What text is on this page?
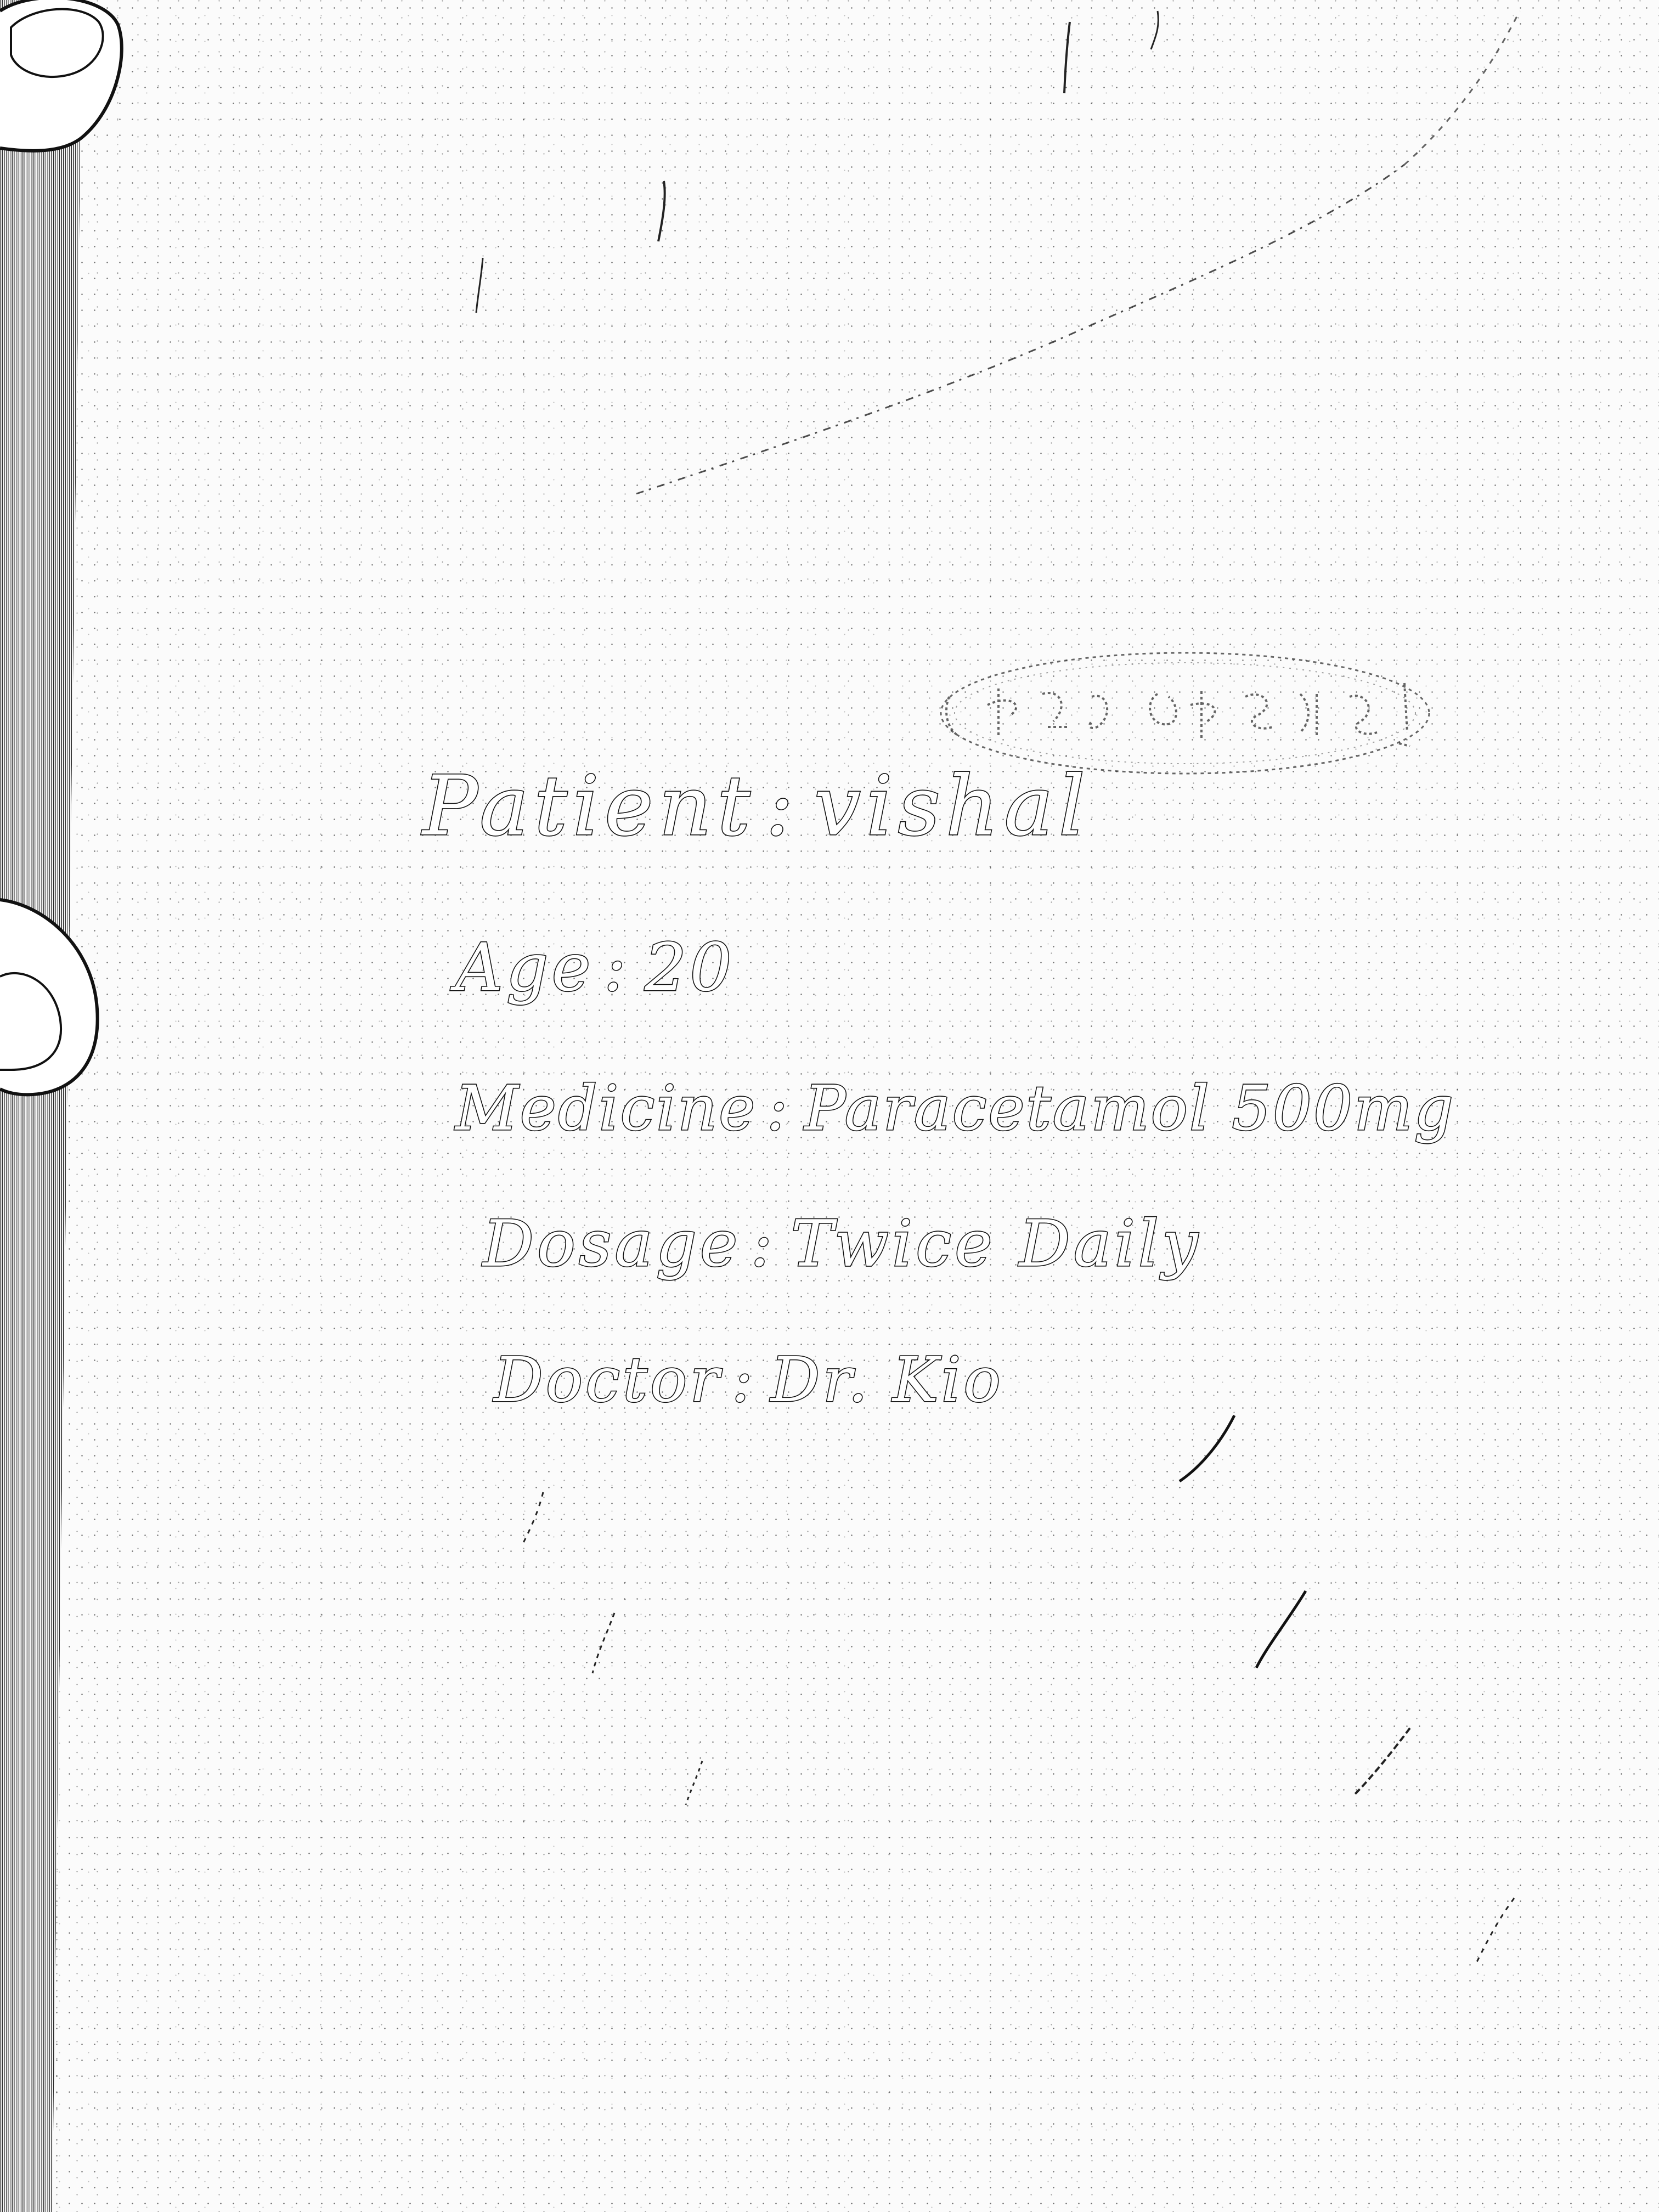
Patient : vishal
Age : 20
Medicine : Paracetamol 500mg
Dosage : Twice Daily
Doctor : Dr. Kio
